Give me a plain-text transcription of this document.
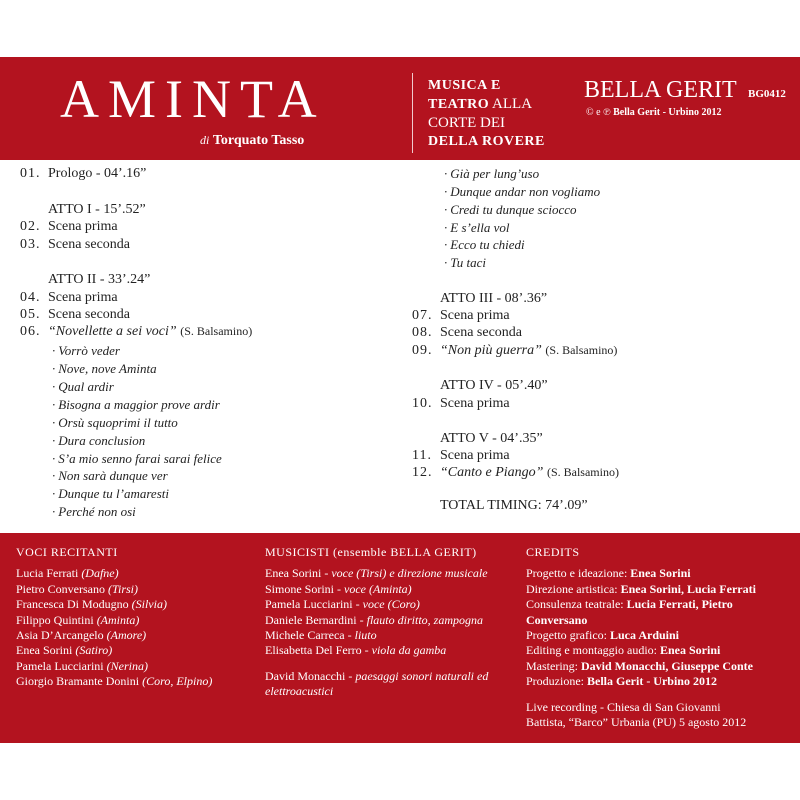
AMINTA
di Torquato Tasso
MUSICA E
TEATRO ALLA
CORTE DEI
DELLA ROVERE
BELLA GERIT BG0412
© e ℗ Bella Gerit - Urbino 2012
01. Prologo - 04’.16”
ATTO I - 15’.52”
02. Scena prima
03. Scena seconda
ATTO II - 33’.24”
04. Scena prima
05. Scena seconda
06. “Novellette a sei voci” (S. Balsamino)
· Vorrò veder
· Nove, nove Aminta
· Qual ardir
· Bisogna a maggior prove ardir
· Orsù squoprimi il tutto
· Dura conclusion
· S’a mio senno farai sarai felice
· Non sarà dunque ver
· Dunque tu l’amaresti
· Perché non osi
· Già per lung’uso
· Dunque andar non vogliamo
· Credi tu dunque sciocco
· E s’ella vol
· Ecco tu chiedi
· Tu taci
ATTO III - 08’.36”
07. Scena prima
08. Scena seconda
09. “Non più guerra” (S. Balsamino)
ATTO IV - 05’.40”
10. Scena prima
ATTO V - 04’.35”
11. Scena prima
12. “Canto e Piango” (S. Balsamino)
TOTAL TIMING: 74’.09”
VOCI RECITANTI
Lucia Ferrati (Dafne)
Pietro Conversano (Tirsi)
Francesca Di Modugno (Silvia)
Filippo Quintini (Aminta)
Asia D’Arcangelo (Amore)
Enea Sorini (Satiro)
Pamela Lucciarini (Nerina)
Giorgio Bramante Donini (Coro, Elpino)
MUSICISTI (ensemble BELLA GERIT)
Enea Sorini - voce (Tirsi) e direzione musicale
Simone Sorini - voce (Aminta)
Pamela Lucciarini - voce (Coro)
Daniele Bernardini - flauto diritto, zampogna
Michele Carreca - liuto
Elisabetta Del Ferro - viola da gamba
David Monacchi - paesaggi sonori naturali ed
elettroacustici
CREDITS
Progetto e ideazione: Enea Sorini
Direzione artistica: Enea Sorini, Lucia Ferrati
Consulenza teatrale: Lucia Ferrati, Pietro
Conversano
Progetto grafico: Luca Arduini
Editing e montaggio audio: Enea Sorini
Mastering: David Monacchi, Giuseppe Conte
Produzione: Bella Gerit - Urbino 2012
Live recording - Chiesa di San Giovanni
Battista, “Barco” Urbania (PU) 5 agosto 2012
